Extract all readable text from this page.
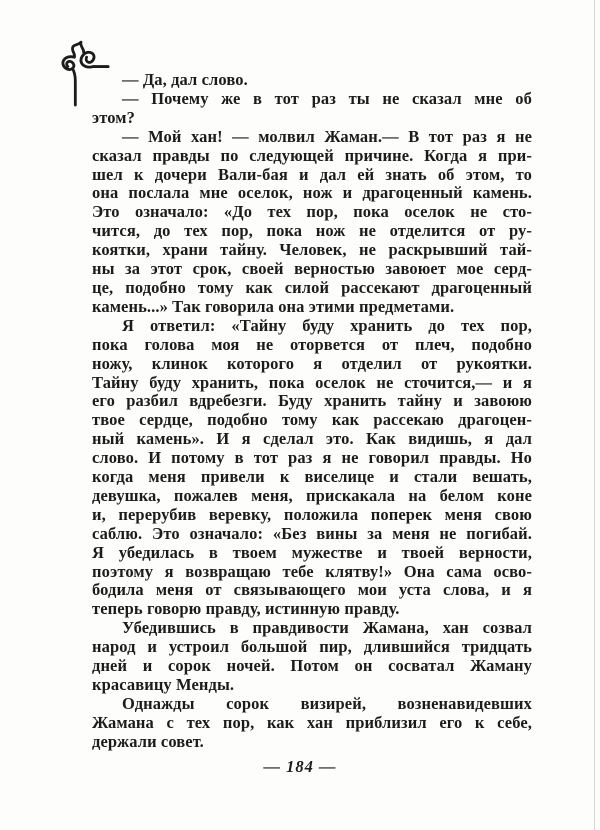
— Да, дал слово.
— Почему же в тот раз ты не сказал мне об
этом?
— Мой хан! — молвил Жаман.— В тот раз я не
сказал правды по следующей причине. Когда я при-
шел к дочери Вали-бая и дал ей знать об этом, то
она послала мне оселок, нож и драгоценный камень.
Это означало: «До тех пор, пока оселок не сто-
чится, до тех пор, пока нож не отделится от ру-
коятки, храни тайну. Человек, не раскрывший тай-
ны за этот срок, своей верностью завоюет мое серд-
це, подобно тому как силой рассекают драгоценный
камень...» Так говорила она этими предметами.
Я ответил: «Тайну буду хранить до тех пор,
пока голова моя не оторвется от плеч, подобно
ножу, клинок которого я отделил от рукоятки.
Тайну буду хранить, пока оселок не сточится,— и я
его разбил вдребезги. Буду хранить тайну и завоюю
твое сердце, подобно тому как рассекаю драгоцен-
ный камень». И я сделал это. Как видишь, я дал
слово. И потому в тот раз я не говорил правды. Но
когда меня привели к виселице и стали вешать,
девушка, пожалев меня, прискакала на белом коне
и, перерубив веревку, положила поперек меня свою
саблю. Это означало: «Без вины за меня не погибай.
Я убедилась в твоем мужестве и твоей верности,
поэтому я возвращаю тебе клятву!» Она сама осво-
бодила меня от связывающего мои уста слова, и я
теперь говорю правду, истинную правду.
Убедившись в правдивости Жамана, хан созвал
народ и устроил большой пир, длившийся тридцать
дней и сорок ночей. Потом он сосватал Жаману
красавицу Менды.
Однажды сорок визирей, возненавидевших
Жамана с тех пор, как хан приблизил его к себе,
держали совет.
— 184 —
